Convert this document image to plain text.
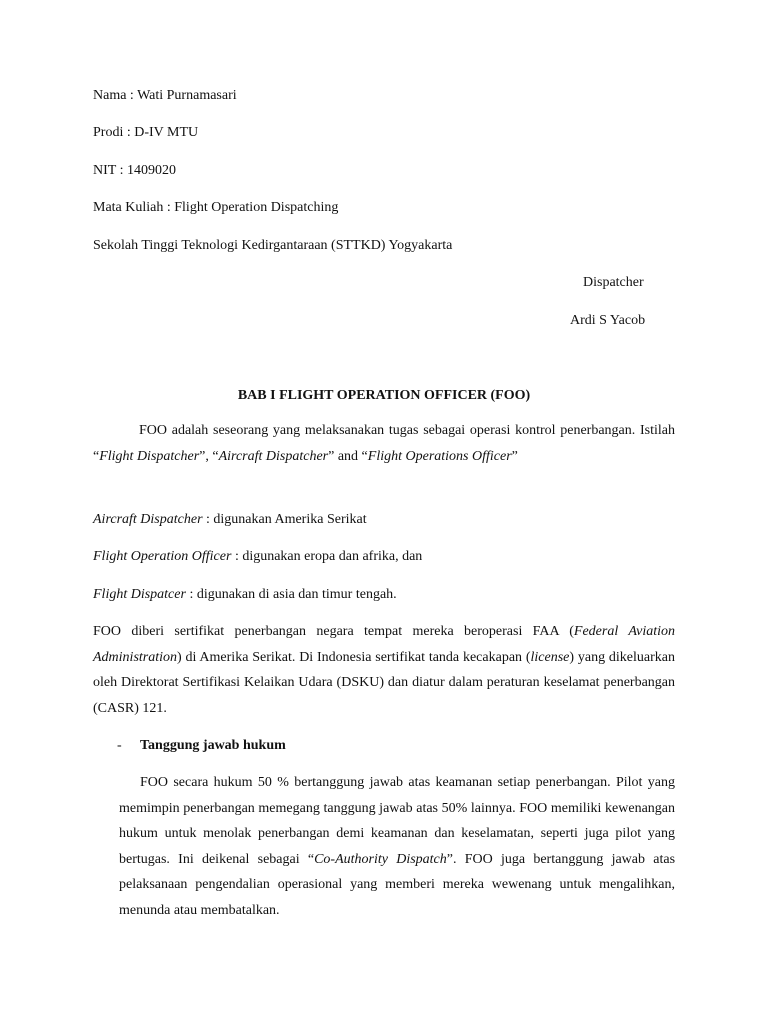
Nama : Wati Purnamasari
Prodi : D-IV MTU
NIT : 1409020
Mata Kuliah : Flight Operation Dispatching
Sekolah Tinggi Teknologi Kedirgantaraan (STTKD) Yogyakarta
Dispatcher
Ardi S Yacob
BAB I FLIGHT OPERATION OFFICER (FOO)
FOO adalah seseorang yang melaksanakan tugas sebagai operasi kontrol penerbangan. Istilah “Flight Dispatcher”, “Aircraft Dispatcher” and “Flight Operations Officer”
Aircraft Dispatcher : digunakan Amerika Serikat
Flight Operation Officer : digunakan eropa dan afrika, dan
Flight Dispatcer : digunakan di asia dan timur tengah.
FOO diberi sertifikat penerbangan negara tempat mereka beroperasi FAA (Federal Aviation Administration) di Amerika Serikat. Di Indonesia sertifikat tanda kecakapan (license) yang dikeluarkan oleh Direktorat Sertifikasi Kelaikan Udara (DSKU) dan diatur dalam peraturan keselamat penerbangan (CASR) 121.
- Tanggung jawab hukum
FOO secara hukum 50 % bertanggung jawab atas keamanan setiap penerbangan. Pilot yang memimpin penerbangan memegang tanggung jawab atas 50% lainnya. FOO memiliki kewenangan hukum untuk menolak penerbangan demi keamanan dan keselamatan, seperti juga pilot yang bertugas. Ini deikenal sebagai “Co-Authority Dispatch”. FOO juga bertanggung jawab atas pelaksanaan pengendalian operasional yang memberi mereka wewenang untuk mengalihkan, menunda atau membatalkan.
